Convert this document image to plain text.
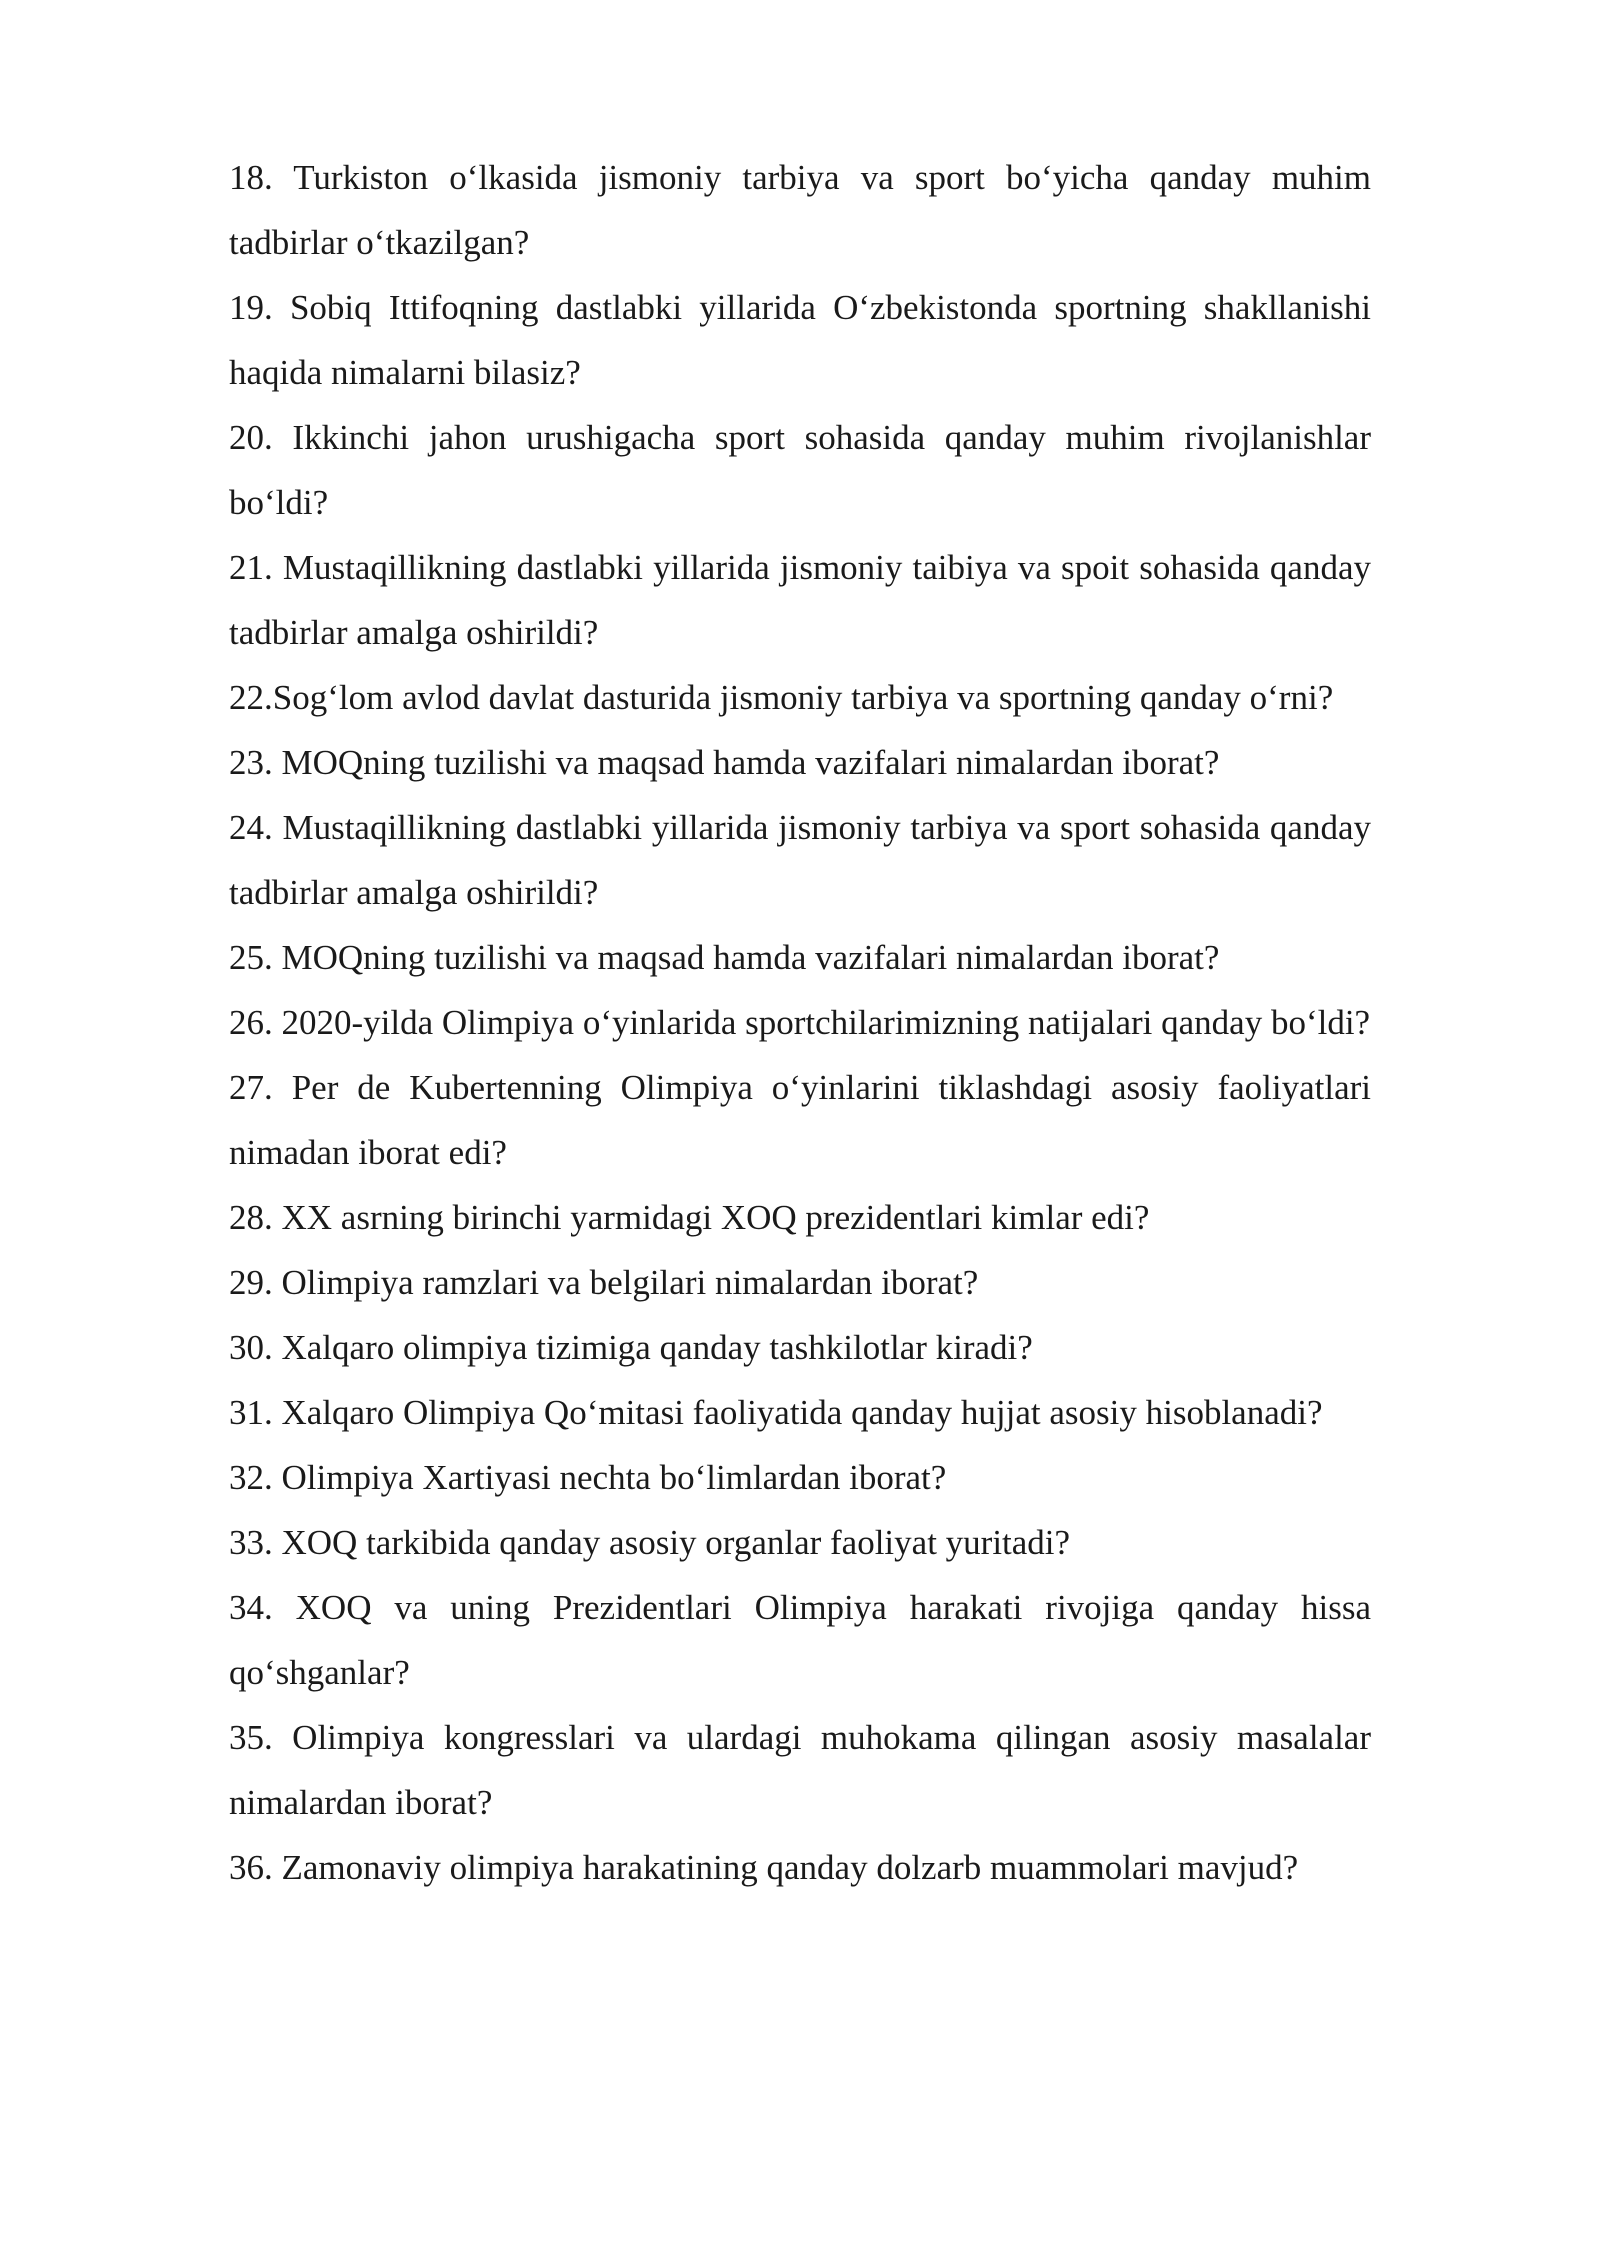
18. Turkiston o‘lkasida jismoniy tarbiya va sport bo‘yicha qanday muhim tadbirlar o‘tkazilgan?
19. Sobiq Ittifoqning dastlabki yillarida O‘zbekistonda sportning shakllanishi haqida nimalarni bilasiz?
20. Ikkinchi jahon urushigacha sport sohasida qanday muhim rivojlanishlar bo‘ldi?
21. Mustaqillikning dastlabki yillarida jismoniy taibiya va spoit sohasida qanday tadbirlar amalga oshirildi?
22.Sog‘lom avlod davlat dasturida jismoniy tarbiya va sportning qanday o‘rni?
23. MOQning tuzilishi va maqsad hamda vazifalari nimalardan iborat?
24. Mustaqillikning dastlabki yillarida jismoniy tarbiya va sport sohasida qanday tadbirlar amalga oshirildi?
25. MOQning tuzilishi va maqsad hamda vazifalari nimalardan iborat?
26. 2020-yilda Olimpiya o‘yinlarida sportchilarimizning natijalari qanday bo‘ldi?
27. Per de Kubertenning Olimpiya o‘yinlarini tiklashdagi asosiy faoliyatlari nimadan iborat edi?
28. XX asrning birinchi yarmidagi XOQ prezidentlari kimlar edi?
29. Olimpiya ramzlari va belgilari nimalardan iborat?
30. Xalqaro olimpiya tizimiga qanday tashkilotlar kiradi?
31. Xalqaro Olimpiya Qo‘mitasi faoliyatida qanday hujjat asosiy hisoblanadi?
32. Olimpiya Xartiyasi nechta bo‘limlardan iborat?
33. XOQ tarkibida qanday asosiy organlar faoliyat yuritadi?
34. XOQ va uning Prezidentlari Olimpiya harakati rivojiga qanday hissa qo‘shganlar?
35. Olimpiya kongresslari va ulardagi muhokama qilingan asosiy masalalar nimalardan iborat?
36. Zamonaviy olimpiya harakatining qanday dolzarb muammolari mavjud?
